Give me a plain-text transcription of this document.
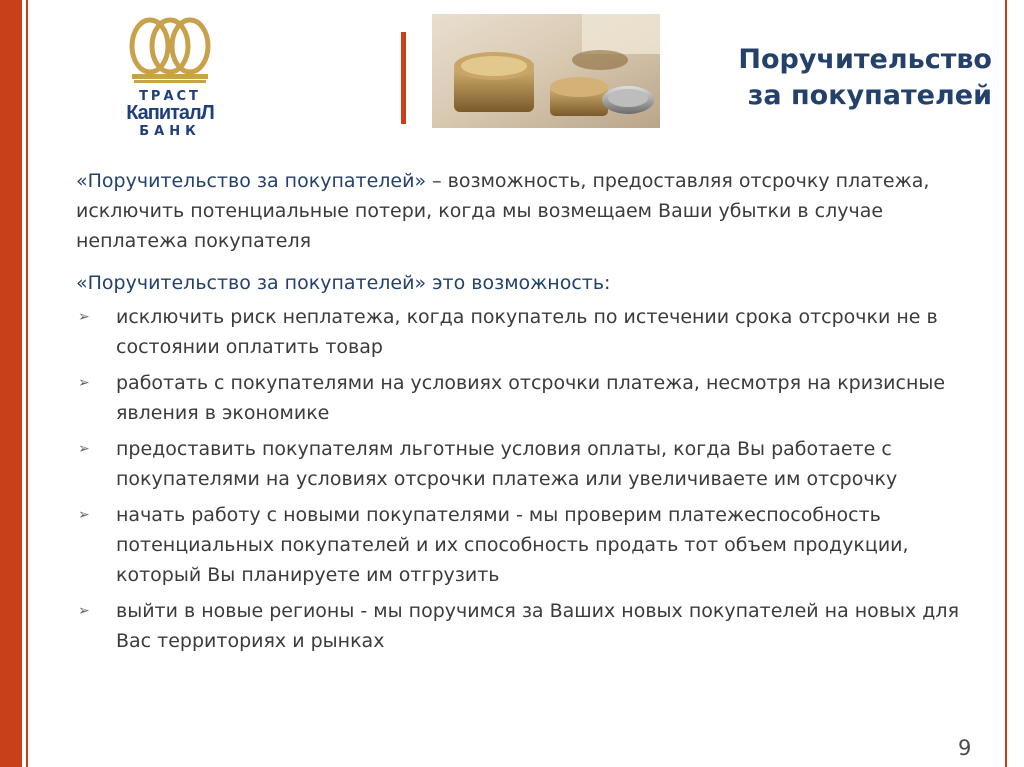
ТРАСТ
КапиталЛ
БАНК
Поручительство
за покупателей

«Поручительство за покупателей» – возможность, предоставляя отсрочку платежа, исключить потенциальные потери, когда мы возмещаем Ваши убытки в случае неплатежа покупателя

«Поручительство за покупателей» это возможность:

➢ исключить риск неплатежа, когда покупатель по истечении срока отсрочки не в состоянии оплатить товар
➢ работать с покупателями на условиях отсрочки платежа, несмотря на кризисные явления в экономике
➢ предоставить покупателям льготные условия оплаты, когда Вы работаете с покупателями на условиях отсрочки платежа или увеличиваете им отсрочку
➢ начать работу с новыми покупателями - мы проверим платежеспособность потенциальных покупателей и их способность продать тот объем продукции, который Вы планируете им отгрузить
➢ выйти в новые регионы - мы поручимся за Ваших новых покупателей на новых для Вас территориях и рынках
9
